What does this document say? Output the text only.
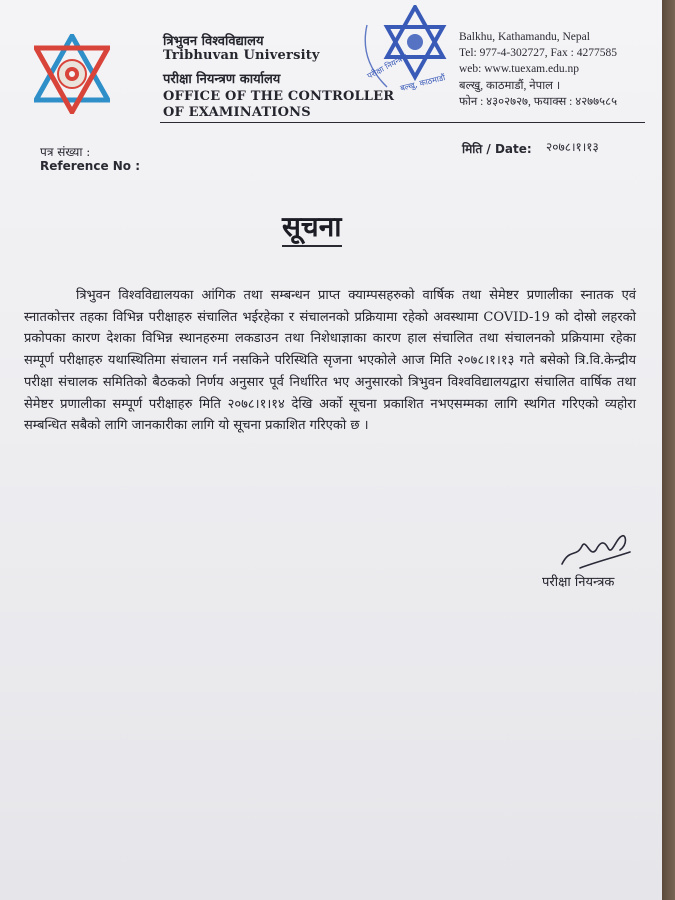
त्रिभुवन विश्वविद्यालय
Tribhuvan University
परीक्षा नियन्त्रण कार्यालय
OFFICE OF THE CONTROLLER
OF EXAMINATIONS
परीक्षा नियन्त्रण
बल्खु, काठमाडौं
Balkhu, Kathamandu, Nepal
Tel: 977-4-302727, Fax : 4277585
web: www.tuexam.edu.np
बल्खु, काठमाडौं, नेपाल ।
फोन : ४३०२७२७, फयाक्स : ४२७७५८५
पत्र संख्या :
Reference No :
मिति / Date: २०७८।१।१३
सूचना
त्रिभुवन विश्वविद्यालयका आंगिक तथा सम्बन्धन प्राप्त क्याम्पसहरुको वार्षिक तथा सेमेष्टर प्रणालीका स्नातक एवं स्नातकोत्तर तहका विभिन्न परीक्षाहरु संचालित भईरहेका र संचालनको प्रक्रियामा रहेको अवस्थामा COVID-19 को दोस्रो लहरको प्रकोपका कारण देशका विभिन्न स्थानहरुमा लकडाउन तथा निशेधाज्ञाका कारण हाल संचालित तथा संचालनको प्रक्रियामा रहेका सम्पूर्ण परीक्षाहरु यथास्थितिमा संचालन गर्न नसकिने परिस्थिति सृजना भएकोले आज मिति २०७८।१।१३ गते बसेको त्रि.वि.केन्द्रीय परीक्षा संचालक समितिको बैठकको निर्णय अनुसार पूर्व निर्धारित भए अनुसारको त्रिभुवन विश्वविद्यालयद्वारा संचालित वार्षिक तथा सेमेष्टर प्रणालीका सम्पूर्ण परीक्षाहरु मिति २०७८।१।१४ देखि अर्को सूचना प्रकाशित नभएसम्मका लागि स्थगित गरिएको व्यहोरा सम्बन्धित सबैको लागि जानकारीका लागि यो सूचना प्रकाशित गरिएको छ ।
परीक्षा नियन्त्रक
